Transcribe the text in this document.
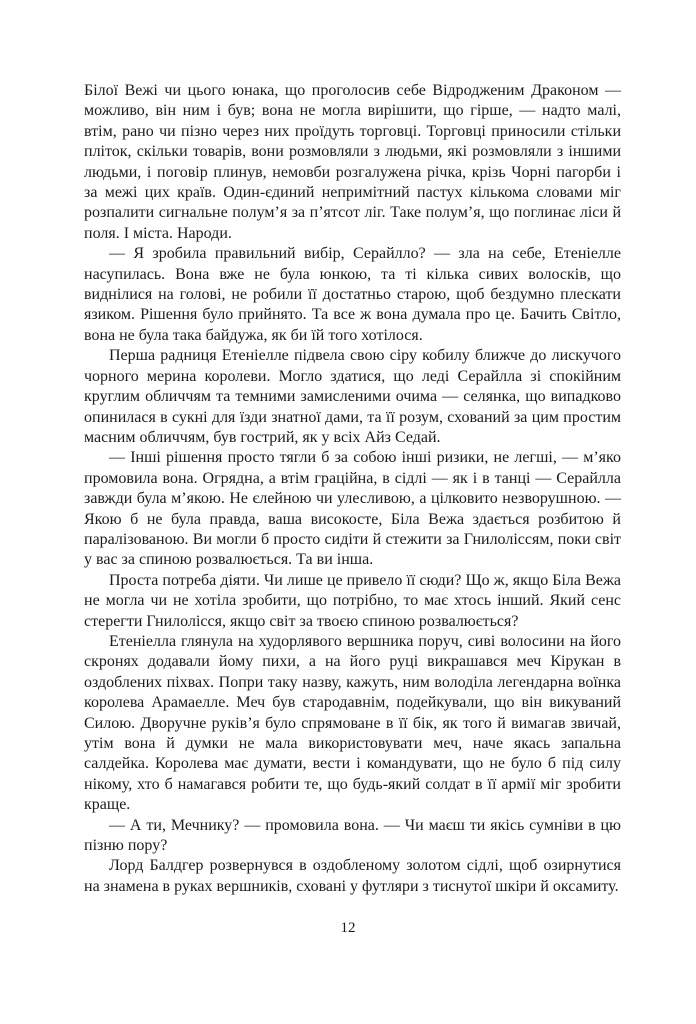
Білої Вежі чи цього юнака, що проголосив себе Відродженим Драконом — можливо, він ним і був; вона не могла вирішити, що гірше, — надто малі, втім, рано чи пізно через них проїдуть торговці. Торговці приносили стільки пліток, скільки товарів, вони розмовляли з людьми, які розмовляли з іншими людьми, і поговір плинув, немовби розгалужена річка, крізь Чорні пагорби і за межі цих країв. Один-єдиний непримітний пастух кількома словами міг розпалити сигнальне полум’я за п’ятсот ліг. Таке полум’я, що поглинає ліси й поля. І міста. Народи.

— Я зробила правильний вибір, Серайлло? — зла на себе, Етеніелле насупилась. Вона вже не була юнкою, та ті кілька сивих волосків, що виднілися на голові, не робили її достатньо старою, щоб бездумно плескати язиком. Рішення було прийнято. Та все ж вона думала про це. Бачить Світло, вона не була така байдужа, як би їй того хотілося.

Перша радниця Етеніелле підвела свою сіру кобилу ближче до лискучого чорного мерина королеви. Могло здатися, що леді Серайлла зі спокійним круглим обличчям та темними замисленими очима — селянка, що випадково опинилася в сукні для їзди знатної дами, та її розум, схований за цим простим масним обличчям, був гострий, як у всіх Айз Седай.

— Інші рішення просто тягли б за собою інші ризики, не легші, — м’яко промовила вона. Огрядна, а втім граційна, в сідлі — як і в танці — Серайлла завжди була м’якою. Не єлейною чи улесливою, а цілковито незворушною. — Якою б не була правда, ваша високосте, Біла Вежа здається розбитою й паралізованою. Ви могли б просто сидіти й стежити за Гнилоліссям, поки світ у вас за спиною розвалюється. Та ви інша.

Проста потреба діяти. Чи лише це привело її сюди? Що ж, якщо Біла Вежа не могла чи не хотіла зробити, що потрібно, то має хтось інший. Який сенс стерегти Гнилолісся, якщо світ за твоєю спиною розвалюється?

Етеніелла глянула на худорлявого вершника поруч, сиві волосини на його скронях додавали йому пихи, а на його руці викрашався меч Кірукан в оздоблених піхвах. Попри таку назву, кажуть, ним володіла легендарна воїнка королева Арамаелле. Меч був стародавнім, подейкували, що він викуваний Силою. Дворучне руків’я було спрямоване в її бік, як того й вимагав звичай, утім вона й думки не мала використовувати меч, наче якась запальна салдейка. Королева має думати, вести і командувати, що не було б під силу нікому, хто б намагався робити те, що будь-який солдат в її армії міг зробити краще.

— А ти, Мечнику? — промовила вона. — Чи маєш ти якісь сумніви в цю пізню пору?

Лорд Балдгер розвернувся в оздобленому золотом сідлі, щоб озирнутися на знамена в руках вершників, сховані у футляри з тиснутої шкіри й оксамиту.

12
